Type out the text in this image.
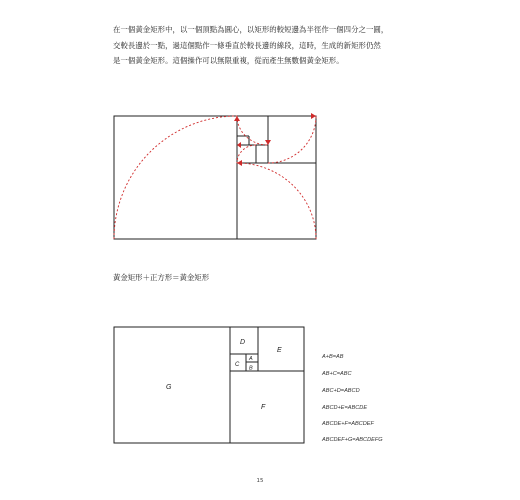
在一個黃金矩形中，以一個頂點為圓心，以矩形的較短邊為半徑作一個四分之一圓，
交較長邊於一點，過這個點作一條垂直於較長邊的線段，這時，生成的新矩形仍然
是一個黃金矩形。這個操作可以無限重複，從而產生無數個黃金矩形。

G
F
E
D
C
A
B

黃金矩形＋正方形＝黃金矩形

A+B=AB

AB+C=ABC

ABC+D=ABCD

ABCD+E=ABCDE

ABCDE+F=ABCDEF

ABCDEF+G=ABCDEFG

15
